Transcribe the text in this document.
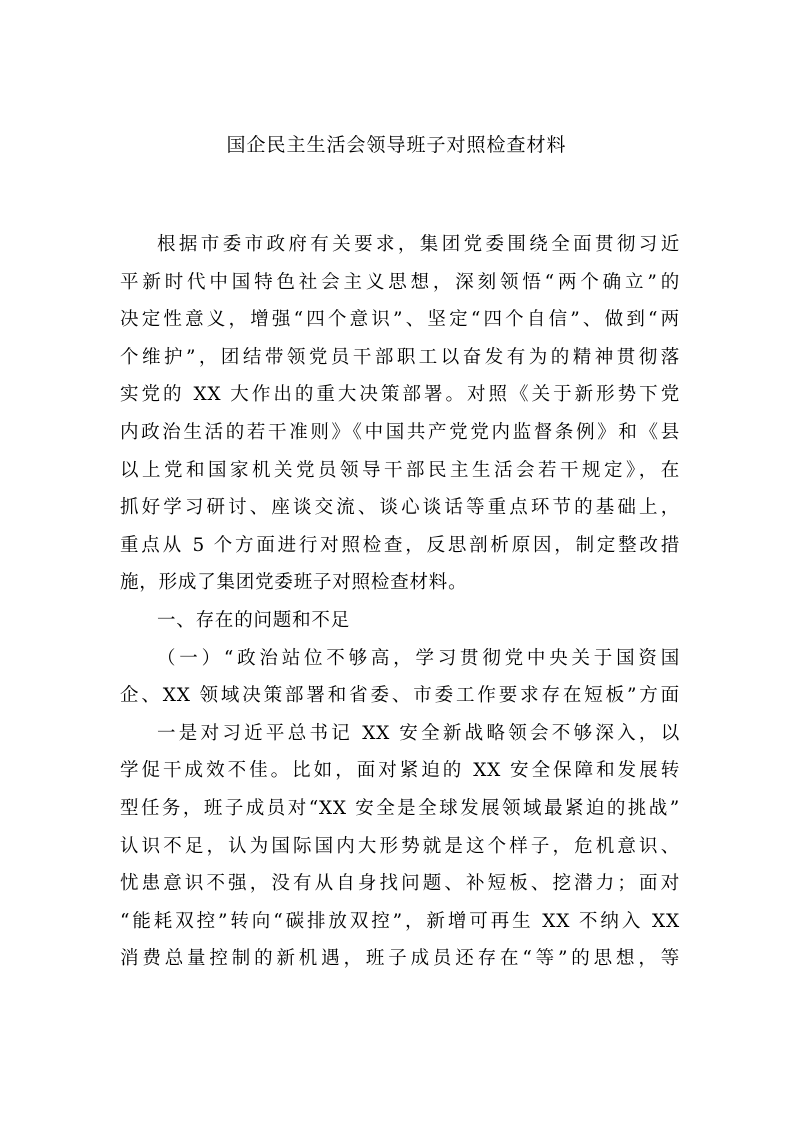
国企民主生活会领导班子对照检查材料
根据市委市政府有关要求，集团党委围绕全面贯彻习近
平新时代中国特色社会主义思想，深刻领悟“两个确立”的
决定性意义，增强“四个意识”、坚定“四个自信”、做到“两
个维护”，团结带领党员干部职工以奋发有为的精神贯彻落
实党的 XX 大作出的重大决策部署。对照《关于新形势下党
内政治生活的若干准则》《中国共产党党内监督条例》和《县
以上党和国家机关党员领导干部民主生活会若干规定》，在
抓好学习研讨、座谈交流、谈心谈话等重点环节的基础上，
重点从 5 个方面进行对照检查，反思剖析原因，制定整改措
施，形成了集团党委班子对照检查材料。
一、存在的问题和不足
（一）“政治站位不够高，学习贯彻党中央关于国资国
企、XX 领域决策部署和省委、市委工作要求存在短板”方面
一是对习近平总书记 XX 安全新战略领会不够深入，以
学促干成效不佳。比如，面对紧迫的 XX 安全保障和发展转
型任务，班子成员对“XX 安全是全球发展领域最紧迫的挑战”
认识不足，认为国际国内大形势就是这个样子，危机意识、
忧患意识不强，没有从自身找问题、补短板、挖潜力；面对
“能耗双控”转向“碳排放双控”，新增可再生 XX 不纳入 XX
消费总量控制的新机遇，班子成员还存在“等”的思想，等
